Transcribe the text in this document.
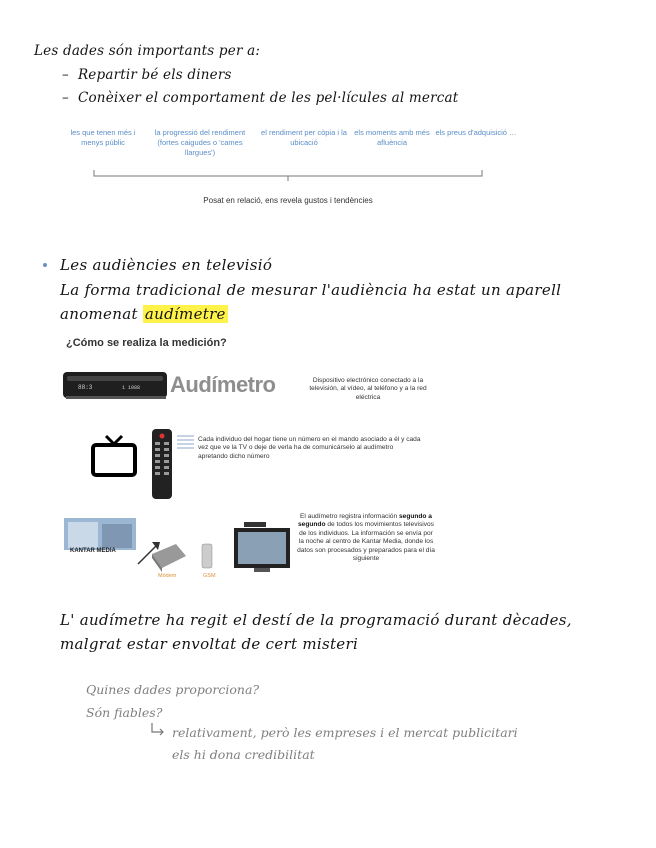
Les dades són importants per a:
–  Repartir bé els diners
–  Conèixer el comportament de les pel·lícules al mercat
les que tenen més i menys públic
la progressió del rendiment (fortes caigudes o 'cames llargues')
el rendiment per còpia i la ubicació
els moments amb més afluència
els preus d'adquisició …
Posat en relació, ens revela gustos i tendències
Les audiències en televisió
La forma tradicional de mesurar l'audiència ha estat un aparell
anomenat audímetre
¿Cómo se realiza la medición?
88:3	1 1088 Audímetro	Dispositivo electrónico conectado a la televisión, al vídeo, al teléfono y a la red eléctrica
Cada individuo del hogar tiene un número en el mando asociado a él y cada vez que ve la TV o deje de verla ha de comunicárselo al audímetro apretando dicho número
KANTAR MEDIA
Módem	GSM
El audímetro registra información segundo a segundo de todos los movimientos televisivos de los individuos. La información se envía por la noche al centro de Kantar Media, donde los datos son procesados y preparados para el día siguiente
L' audímetre ha regit el destí de la programació durant dècades,
malgrat estar envoltat de cert misteri
Quines dades proporciona?
Són fiables?
relativament, però les empreses i el mercat publicitari
els hi dona credibilitat
